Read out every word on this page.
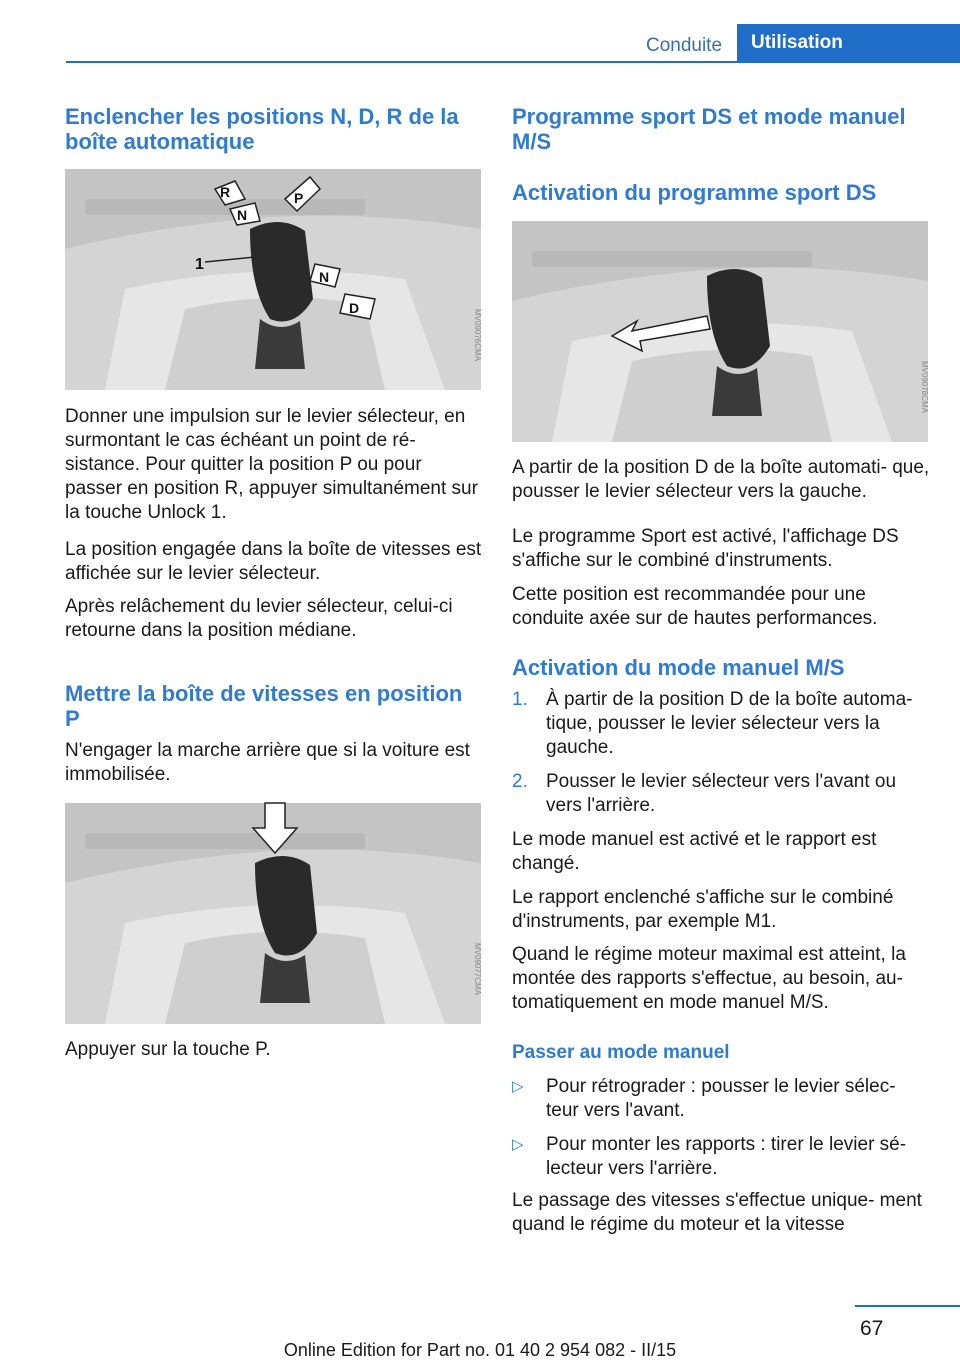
Conduite	Utilisation
Enclencher les positions N, D, R de la boîte automatique
R
N
P
N
D
1
MV09076CMA

Donner une impulsion sur le levier sélecteur, en surmontant le cas échéant un point de ré- sistance. Pour quitter la position P ou pour passer en position R, appuyer simultanément sur la touche Unlock 1.

La position engagée dans la boîte de vitesses est affichée sur le levier sélecteur.

Après relâchement du levier sélecteur, celui-ci retourne dans la position médiane.

Mettre la boîte de vitesses en position P

N'engager la marche arrière que si la voiture est immobilisée.

MV09077CMA

Appuyer sur la touche P.

Programme sport DS et mode manuel M/S
Activation du programme sport DS
MV09078CMA

A partir de la position D de la boîte automati- que, pousser le levier sélecteur vers la gauche.

Le programme Sport est activé, l'affichage DS s'affiche sur le combiné d'instruments.

Cette position est recommandée pour une conduite axée sur de hautes performances.

Activation du mode manuel M/S
1. À partir de la position D de la boîte automa- tique, pousser le levier sélecteur vers la gauche.
2. Pousser le levier sélecteur vers l'avant ou vers l'arrière.

Le mode manuel est activé et le rapport est changé.

Le rapport enclenché s'affiche sur le combiné d'instruments, par exemple M1.

Quand le régime moteur maximal est atteint, la montée des rapports s'effectue, au besoin, au- tomatiquement en mode manuel M/S.

Passer au mode manuel
▷ Pour rétrograder : pousser le levier sélec- teur vers l'avant.
▷ Pour monter les rapports : tirer le levier sé- lecteur vers l'arrière.

Le passage des vitesses s'effectue unique- ment quand le régime du moteur et la vitesse

67
Online Edition for Part no. 01 40 2 954 082 - II/15
